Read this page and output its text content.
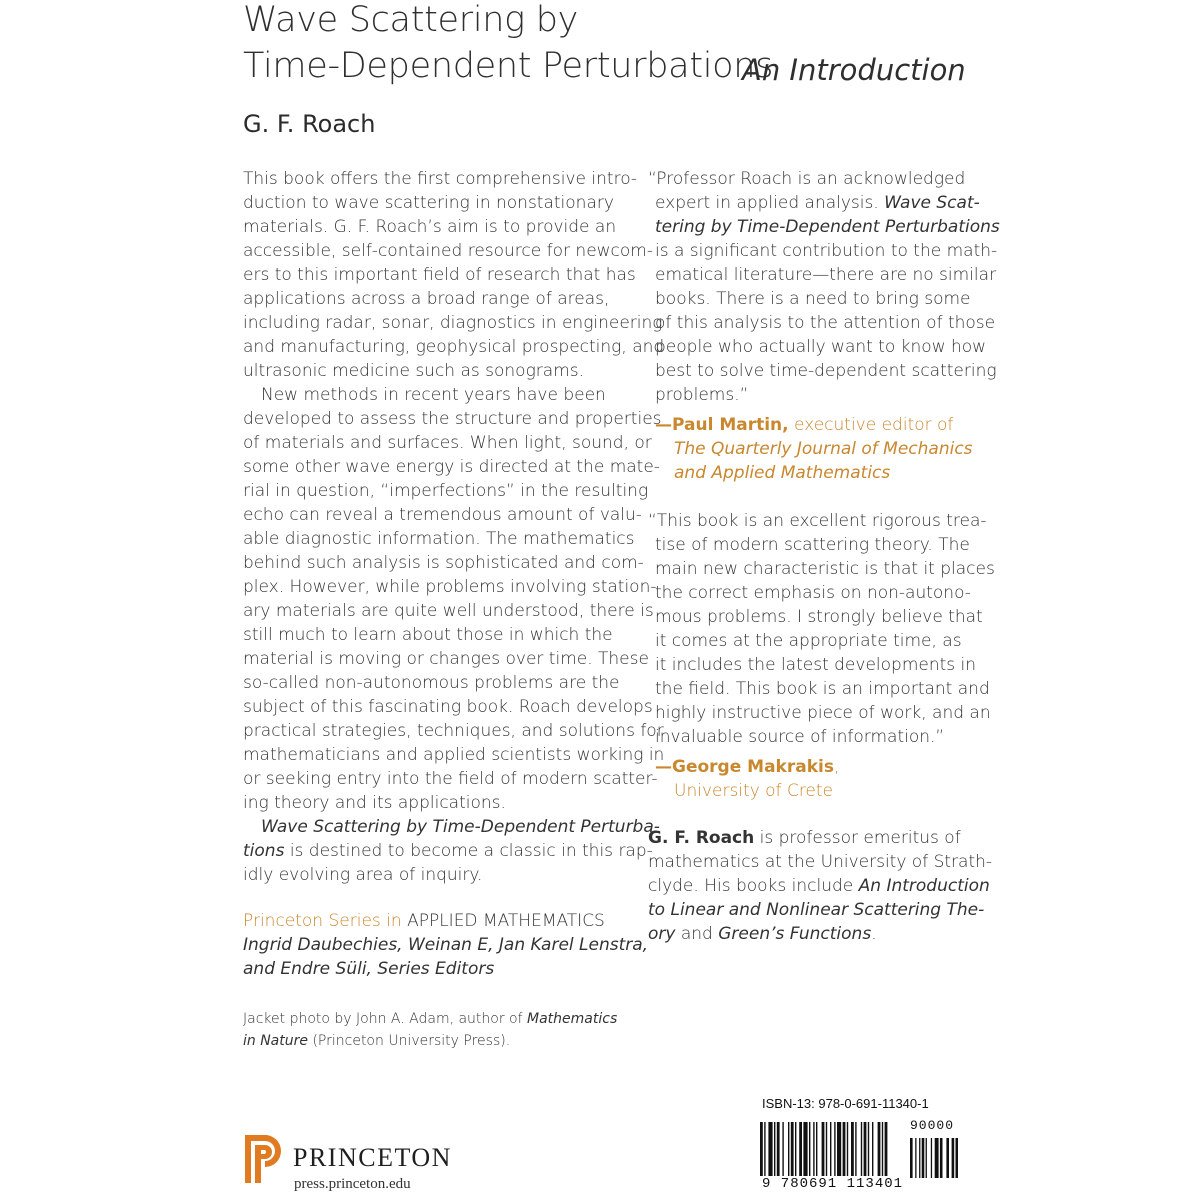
Wave Scattering by
Time-Dependent Perturbations
An Introduction
G. F. Roach
This book offers the first comprehensive intro-
duction to wave scattering in nonstationary
materials. G. F. Roach’s aim is to provide an
accessible, self-contained resource for newcom-
ers to this important field of research that has
applications across a broad range of areas,
including radar, sonar, diagnostics in engineering
and manufacturing, geophysical prospecting, and
ultrasonic medicine such as sonograms.
New methods in recent years have been
developed to assess the structure and properties
of materials and surfaces. When light, sound, or
some other wave energy is directed at the mate-
rial in question, “imperfections” in the resulting
echo can reveal a tremendous amount of valu-
able diagnostic information. The mathematics
behind such analysis is sophisticated and com-
plex. However, while problems involving station-
ary materials are quite well understood, there is
still much to learn about those in which the
material is moving or changes over time. These
so-called non-autonomous problems are the
subject of this fascinating book. Roach develops
practical strategies, techniques, and solutions for
mathematicians and applied scientists working in
or seeking entry into the field of modern scatter-
ing theory and its applications.
Wave Scattering by Time-Dependent Perturba-
tions is destined to become a classic in this rap-
idly evolving area of inquiry.
Princeton Series in APPLIED MATHEMATICS
Ingrid Daubechies, Weinan E, Jan Karel Lenstra,
and Endre Süli, Series Editors
Jacket photo by John A. Adam, author of Mathematics
in Nature (Princeton University Press).
“Professor Roach is an acknowledged
expert in applied analysis. Wave Scat-
tering by Time-Dependent Perturbations
is a significant contribution to the math-
ematical literature—there are no similar
books. There is a need to bring some
of this analysis to the attention of those
people who actually want to know how
best to solve time-dependent scattering
problems.”
—Paul Martin, executive editor of
The Quarterly Journal of Mechanics
and Applied Mathematics
“This book is an excellent rigorous trea-
tise of modern scattering theory. The
main new characteristic is that it places
the correct emphasis on non-autono-
mous problems. I strongly believe that
it comes at the appropriate time, as
it includes the latest developments in
the field. This book is an important and
highly instructive piece of work, and an
invaluable source of information.”
—George Makrakis,
University of Crete
G. F. Roach is professor emeritus of
mathematics at the University of Strath-
clyde. His books include An Introduction
to Linear and Nonlinear Scattering The-
ory and Green’s Functions.
ISBN-13: 978-0-691-11340-1
90000
9 780691 113401
PRINCETON
press.princeton.edu
